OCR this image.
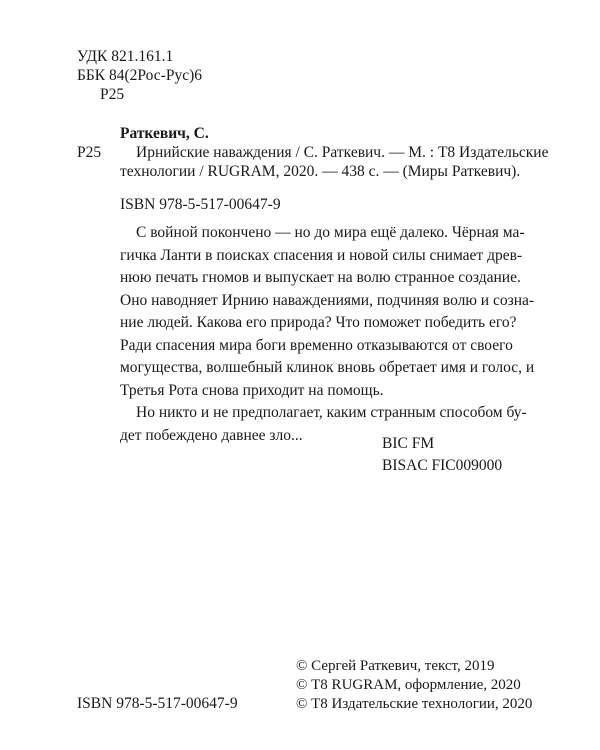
УДК 821.161.1
ББК 84(2Рос-Рус)6
Р25
Раткевич, С.
Р25	Ирнийские наваждения / С. Раткевич. — М. : Т8 Издательские
технологии / RUGRAM, 2020. — 438 с. — (Миры Раткевич).
ISBN 978-5-517-00647-9
С войной покончено — но до мира ещё далеко. Чёрная ма-
гичка Ланти в поисках спасения и новой силы снимает древ-
нюю печать гномов и выпускает на волю странное создание.
Оно наводняет Ирнию наваждениями, подчиняя волю и созна-
ние людей. Какова его природа? Что поможет победить его?
Ради спасения мира боги временно отказываются от своего
могущества, волшебный клинок вновь обретает имя и голос, и
Третья Рота снова приходит на помощь.
Но никто и не предполагает, каким странным способом бу-
дет побеждено давнее зло...	BIC FM
BISAC FIC009000
ISBN 978-5-517-00647-9
© Сергей Раткевич, текст, 2019
© Т8 RUGRAM, оформление, 2020
© Т8 Издательские технологии, 2020
